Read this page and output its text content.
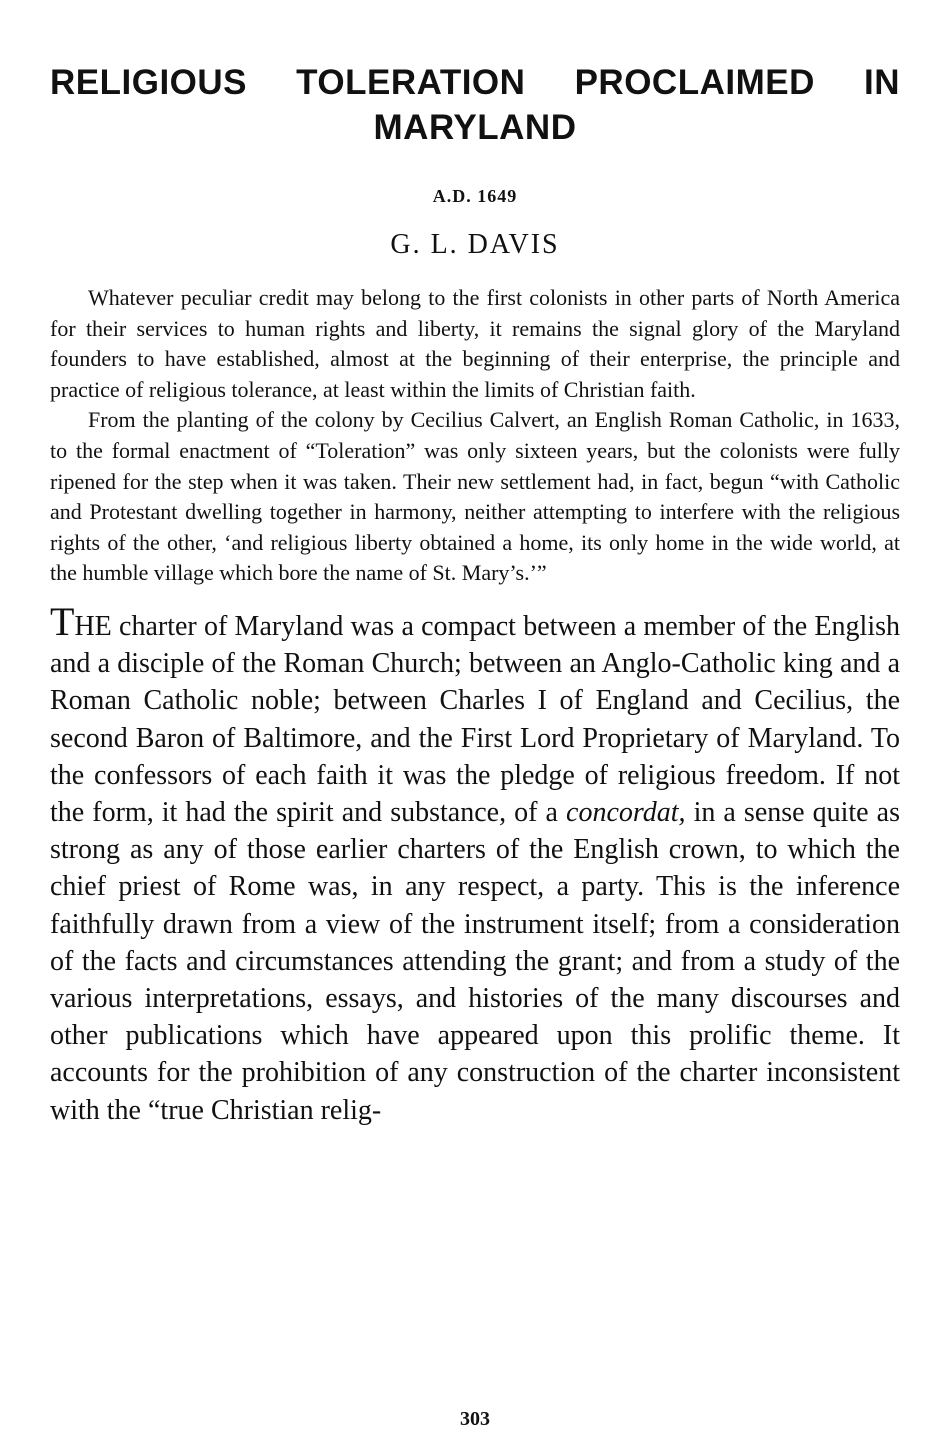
RELIGIOUS TOLERATION PROCLAIMED IN
MARYLAND
A.D. 1649
G. L. DAVIS

Whatever peculiar credit may belong to the first colonists in other parts of North America for their services to human rights and liberty, it remains the signal glory of the Maryland founders to have established, almost at the beginning of their enterprise, the principle and practice of religious tolerance, at least within the limits of Christian faith.

From the planting of the colony by Cecilius Calvert, an English Roman Catholic, in 1633, to the formal enactment of “Toleration” was only sixteen years, but the colonists were fully ripened for the step when it was taken. Their new settlement had, in fact, begun “with Catholic and Protestant dwelling together in harmony, neither attempting to interfere with the religious rights of the other, ‘and religious liberty obtained a home, its only home in the wide world, at the humble village which bore the name of St. Mary’s.’”

THE charter of Maryland was a compact between a member of the English and a disciple of the Roman Church; between an Anglo-Catholic king and a Roman Catholic noble; between Charles I of England and Cecilius, the second Baron of Baltimore, and the First Lord Proprietary of Maryland. To the confessors of each faith it was the pledge of religious freedom. If not the form, it had the spirit and substance, of a concordat, in a sense quite as strong as any of those earlier charters of the English crown, to which the chief priest of Rome was, in any respect, a party. This is the inference faithfully drawn from a view of the instrument itself; from a consideration of the facts and circumstances attending the grant; and from a study of the various interpretations, essays, and histories of the many discourses and other publications which have appeared upon this prolific theme. It accounts for the prohibition of any construction of the charter inconsistent with the “true Christian relig-

303
